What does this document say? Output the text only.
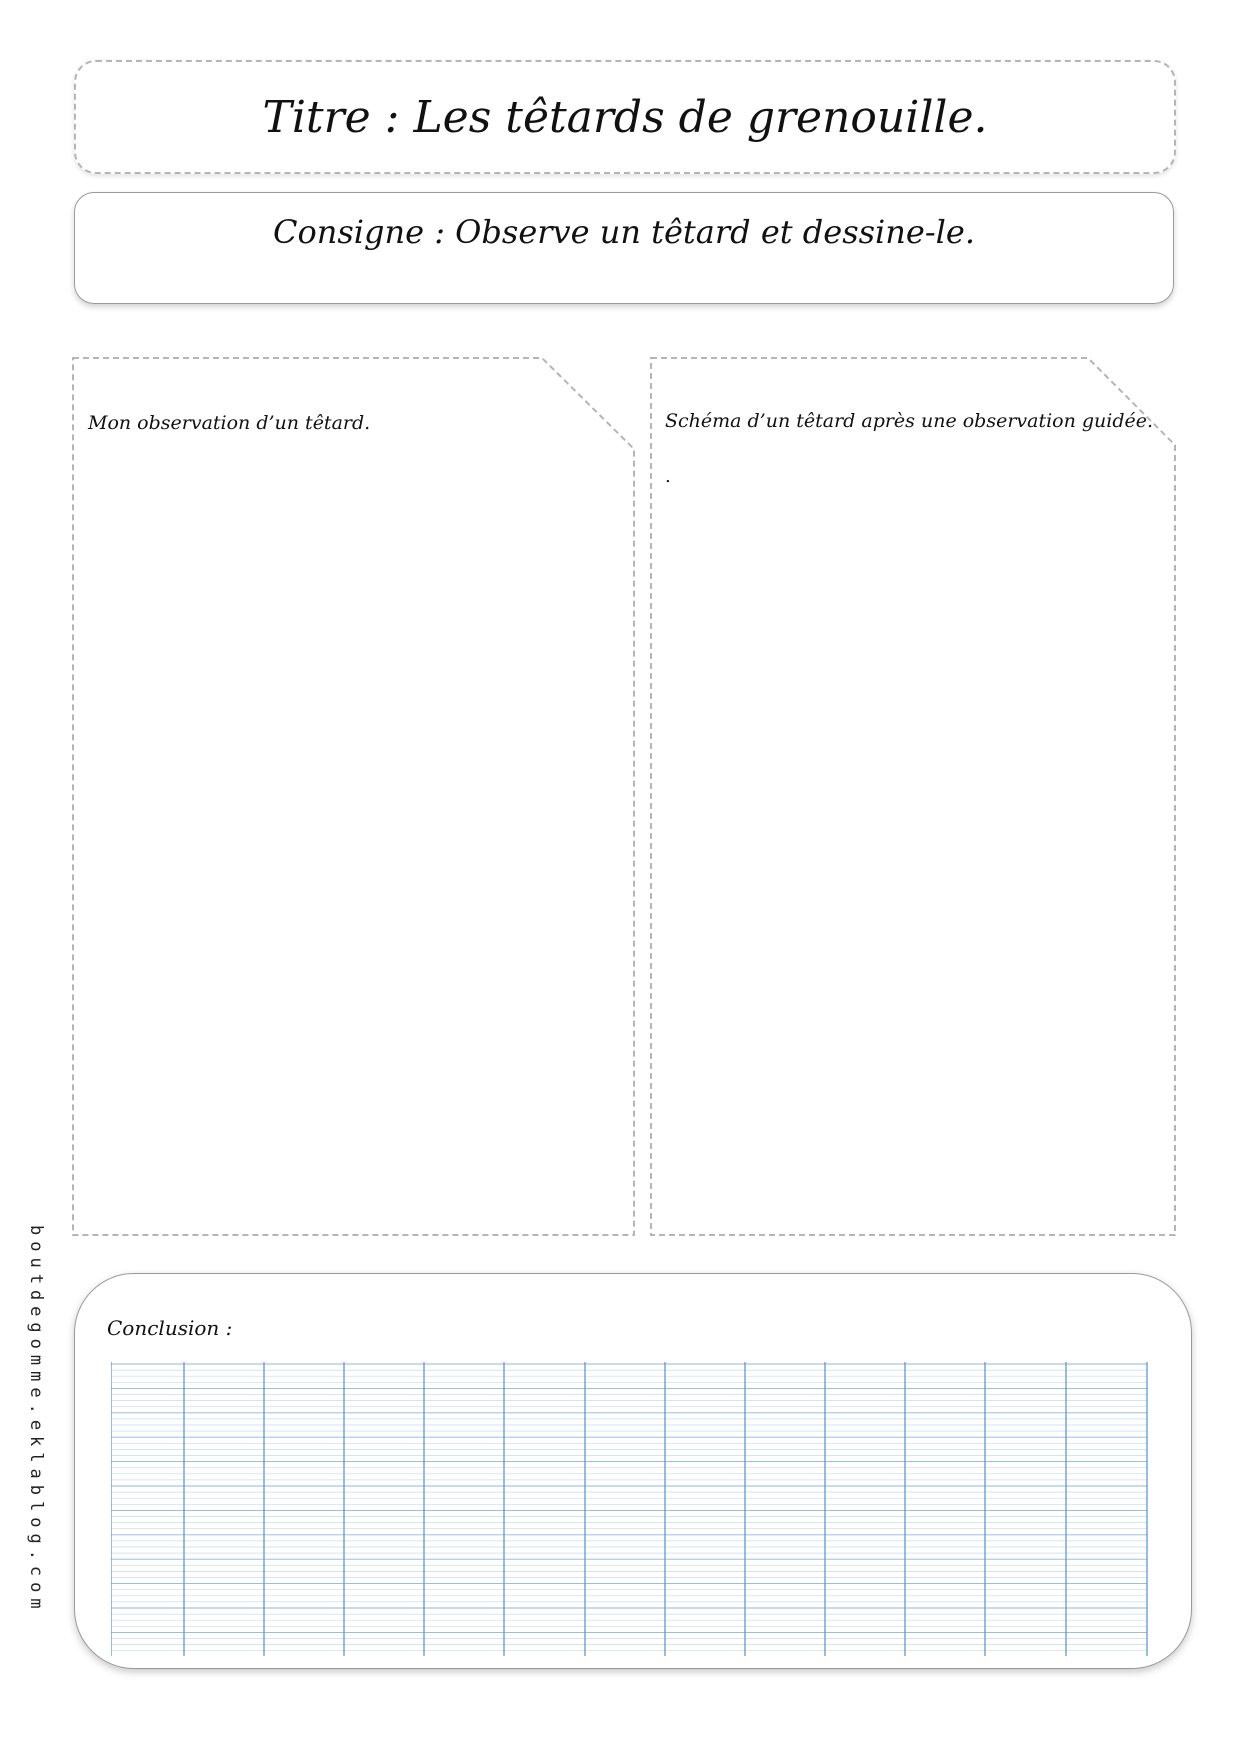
Titre : Les têtards de grenouille.
Consigne : Observe un têtard et dessine-le.
Mon observation d’un têtard.	Schéma d’un têtard après une observation guidée.
.
Conclusion :
boutdegomme.eklablog.com
